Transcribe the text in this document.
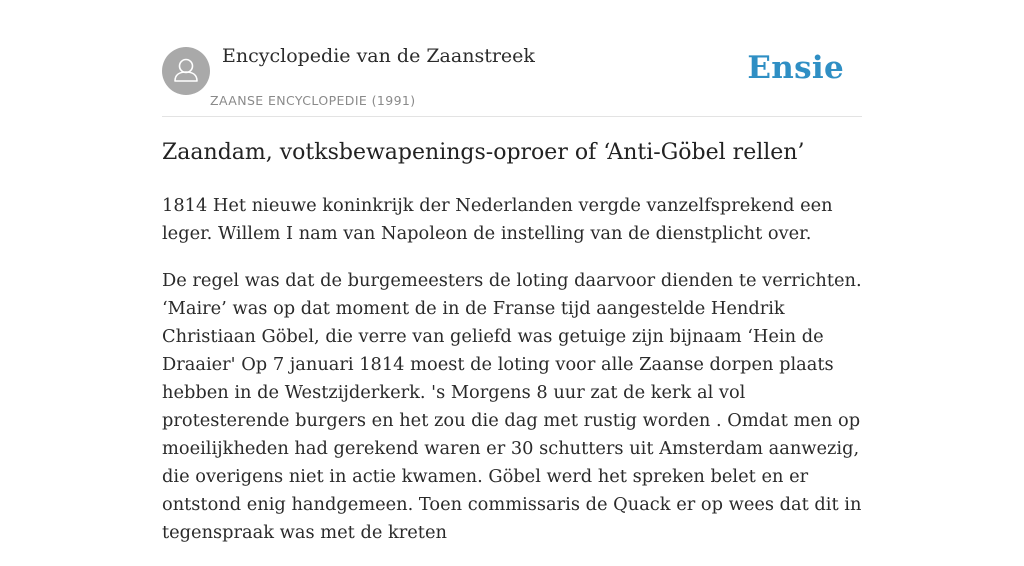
Encyclopedie van de Zaanstreek
ZAANSE ENCYCLOPEDIE (1991)
Ensie
Zaandam, votksbewapenings-oproer of ‘Anti-Göbel rellen’

1814 Het nieuwe koninkrijk der Nederlanden vergde vanzelfsprekend een leger. Willem I nam van Napoleon de instelling van de dienstplicht over.

De regel was dat de burgemeesters de loting daarvoor dienden te verrichten. ‘Maire’ was op dat moment de in de Franse tijd aangestelde Hendrik Christiaan Göbel, die verre van geliefd was getuige zijn bijnaam ‘Hein de Draaier' Op 7 januari 1814 moest de loting voor alle Zaanse dorpen plaats hebben in de Westzijderkerk. 's Morgens 8 uur zat de kerk al vol protesterende burgers en het zou die dag met rustig worden . Omdat men op moeilijkheden had gerekend waren er 30 schutters uit Amsterdam aanwezig, die overigens niet in actie kwamen. Göbel werd het spreken belet en er ontstond enig handgemeen. Toen commissaris de Quack er op wees dat dit in tegenspraak was met de kreten
